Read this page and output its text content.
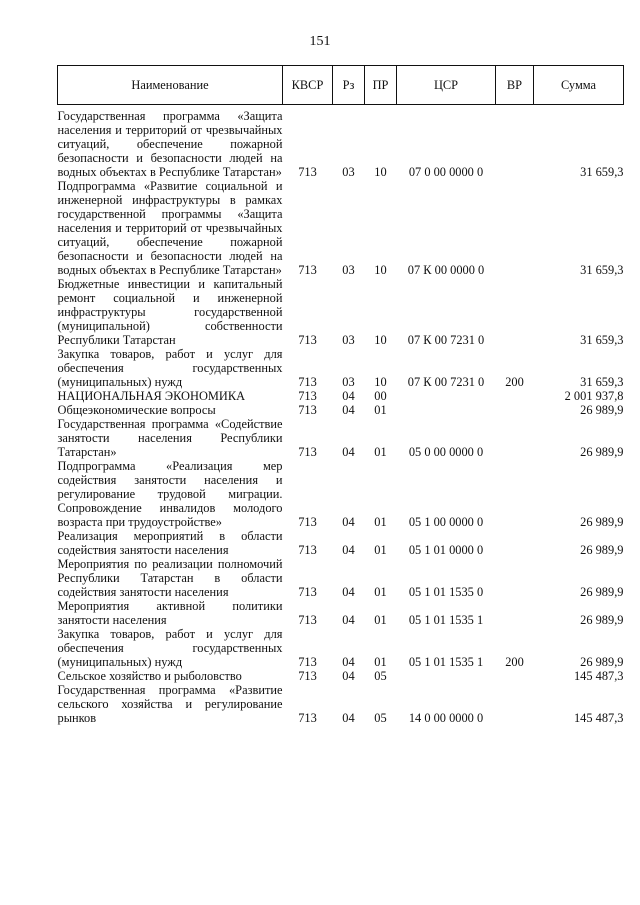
151
Наименование	КВСР	Рз	ПР	ЦСР	ВР	Сумма

Государственная программа «Защита населения и территорий от чрезвычайных ситуаций, обеспечение пожарной безопасности и безопасности людей на водных объектах в Республике Татарстан»	713	03	10	07 0 00 0000 0		31 659,3
Подпрограмма «Развитие социальной и инженерной инфраструктуры в рамках государственной программы «Защита населения и территорий от чрезвычайных ситуаций, обеспечение пожарной безопасности и безопасности людей на водных объектах в Республике Татарстан»	713	03	10	07 К 00 0000 0		31 659,3
Бюджетные инвестиции и капитальный ремонт социальной и инженерной инфраструктуры государственной (муниципальной) собственности Республики Татарстан	713	03	10	07 К 00 7231 0		31 659,3
Закупка товаров, работ и услуг для обеспечения государственных (муниципальных) нужд	713	03	10	07 К 00 7231 0	200	31 659,3
НАЦИОНАЛЬНАЯ ЭКОНОМИКА	713	04	00			2 001 937,8
Общеэкономические вопросы	713	04	01			26 989,9
Государственная программа «Содействие занятости населения Республики Татарстан»	713	04	01	05 0 00 0000 0		26 989,9
Подпрограмма «Реализация мер содействия занятости населения и регулирование трудовой миграции. Сопровождение инвалидов молодого возраста при трудоустройстве»	713	04	01	05 1 00 0000 0		26 989,9
Реализация мероприятий в области содействия занятости населения	713	04	01	05 1 01 0000 0		26 989,9
Мероприятия по реализации полномочий Республики Татарстан в области содействия занятости населения	713	04	01	05 1 01 1535 0		26 989,9
Мероприятия активной политики занятости населения	713	04	01	05 1 01 1535 1		26 989,9
Закупка товаров, работ и услуг для обеспечения государственных (муниципальных) нужд	713	04	01	05 1 01 1535 1	200	26 989,9
Сельское хозяйство и рыболовство	713	04	05			145 487,3
Государственная программа «Развитие сельского хозяйства и регулирование рынков	713	04	05	14 0 00 0000 0		145 487,3
